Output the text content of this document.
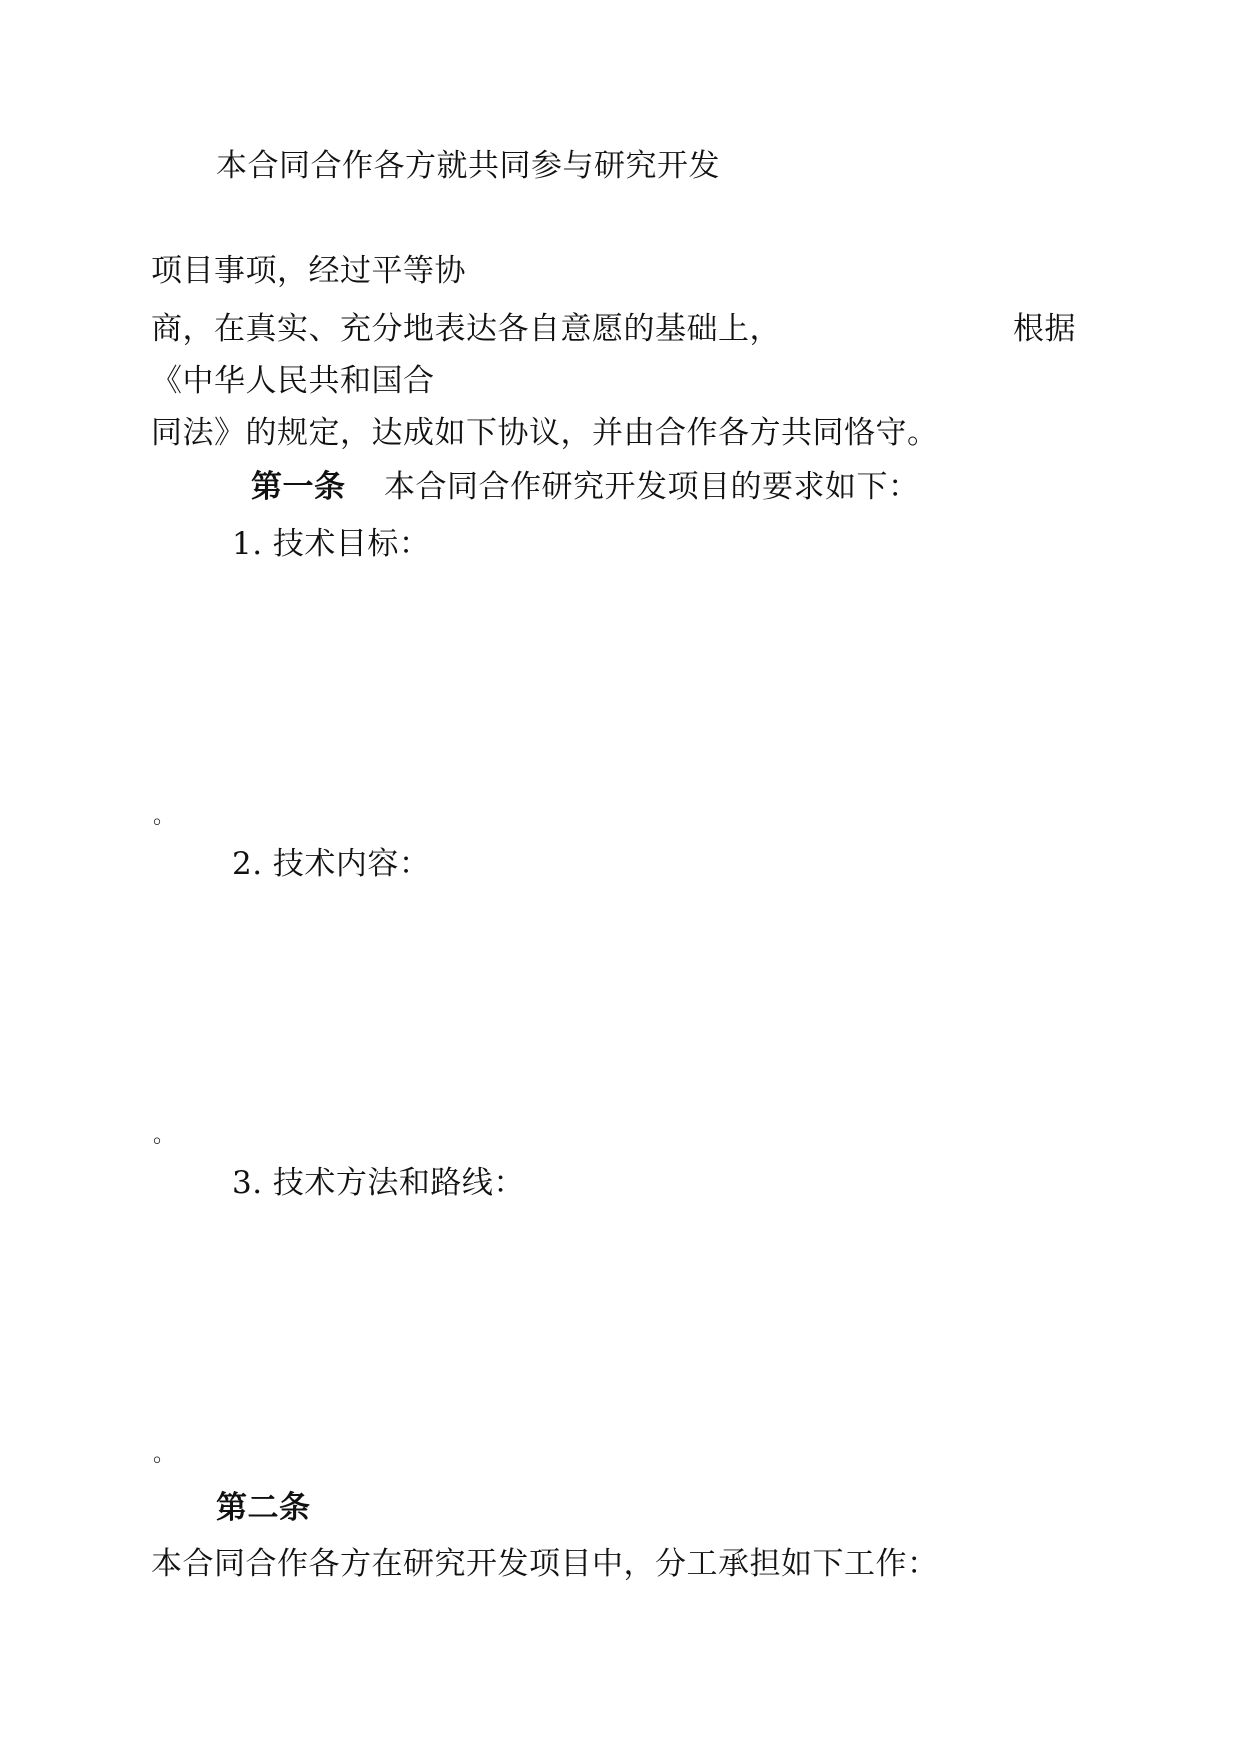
本合同合作各方就共同参与研究开发
项目事项，经过平等协
商，在真实、充分地表达各自意愿的基础上，	根据
《中华人民共和国合
同法》的规定，达成如下协议，并由合作各方共同恪守。
第一条 本合同合作研究开发项目的要求如下：
1. 技术目标：
。
2. 技术内容：
。
3. 技术方法和路线：
。
第二条
本合同合作各方在研究开发项目中，分工承担如下工作：
